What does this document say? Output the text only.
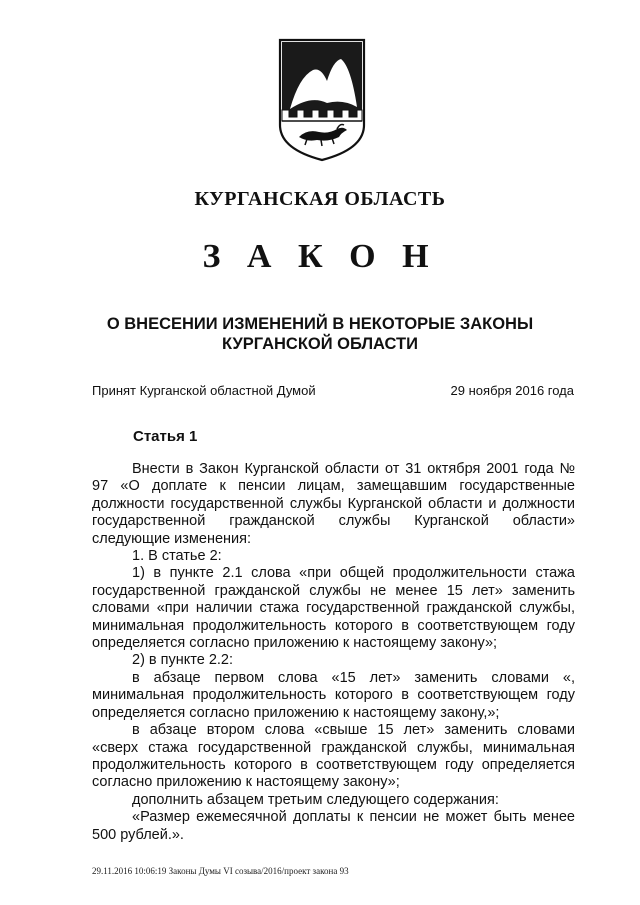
КУРГАНСКАЯ ОБЛАСТЬ
З А К О Н
О ВНЕСЕНИИ ИЗМЕНЕНИЙ В НЕКОТОРЫЕ ЗАКОНЫ
КУРГАНСКОЙ ОБЛАСТИ
Принят Курганской областной Думой	29 ноября 2016 года
Статья 1

Внести в Закон Курганской области от 31 октября 2001 года № 97 «О доплате к пенсии лицам, замещавшим государственные должности государственной службы Курганской области и должности государственной гражданской службы Курганской области» следующие изменения:

1. В статье 2:

1) в пункте 2.1 слова «при общей продолжительности стажа государственной гражданской службы не менее 15 лет» заменить словами «при наличии стажа государственной гражданской службы, минимальная продолжительность которого в соответствующем году определяется согласно приложению к настоящему закону»;

2) в пункте 2.2:

в абзаце первом слова «15 лет» заменить словами «, минимальная продолжительность которого в соответствующем году определяется согласно приложению к настоящему закону,»;

в абзаце втором слова «свыше 15 лет» заменить словами «сверх стажа государственной гражданской службы, минимальная продолжительность которого в соответствующем году определяется согласно приложению к настоящему закону»;

дополнить абзацем третьим следующего содержания:

«Размер ежемесячной доплаты к пенсии не может быть менее 500 рублей.».

29.11.2016 10:06:19 Законы Думы VI созыва/2016/проект закона 93
